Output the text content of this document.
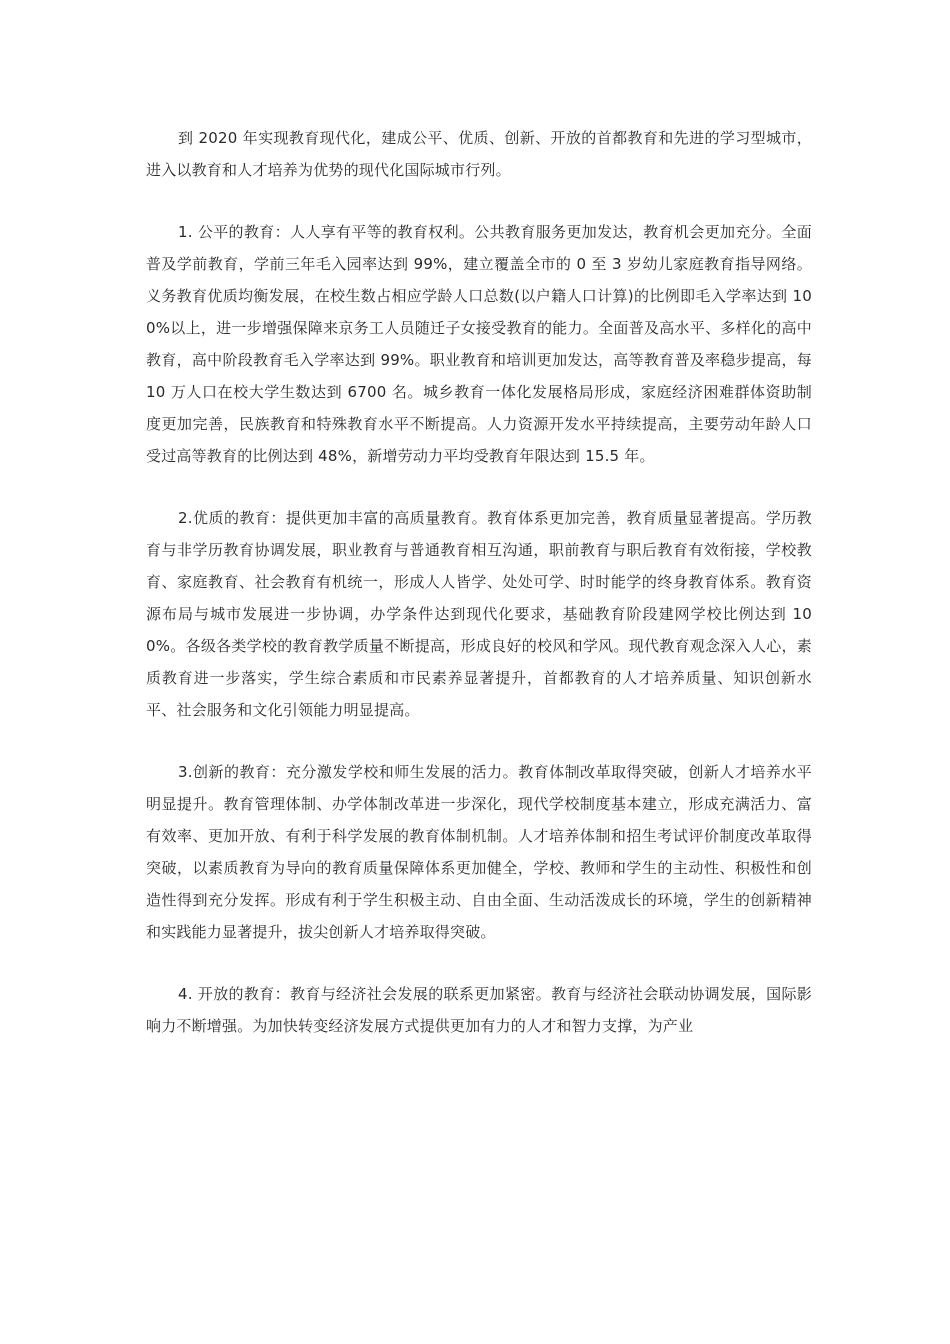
到 2020 年实现教育现代化，建成公平、优质、创新、开放的首都教育和先进的学习型城市，进入以教育和人才培养为优势的现代化国际城市行列。

1. 公平的教育：人人享有平等的教育权利。公共教育服务更加发达，教育机会更加充分。全面普及学前教育，学前三年毛入园率达到 99%，建立覆盖全市的 0 至 3 岁幼儿家庭教育指导网络。义务教育优质均衡发展，在校生数占相应学龄人口总数(以户籍人口计算)的比例即毛入学率达到 100%以上，进一步增强保障来京务工人员随迁子女接受教育的能力。全面普及高水平、多样化的高中教育，高中阶段教育毛入学率达到 99%。职业教育和培训更加发达，高等教育普及率稳步提高，每 10 万人口在校大学生数达到 6700 名。城乡教育一体化发展格局形成，家庭经济困难群体资助制度更加完善，民族教育和特殊教育水平不断提高。人力资源开发水平持续提高，主要劳动年龄人口受过高等教育的比例达到 48%，新增劳动力平均受教育年限达到 15.5 年。

2.优质的教育：提供更加丰富的高质量教育。教育体系更加完善，教育质量显著提高。学历教育与非学历教育协调发展，职业教育与普通教育相互沟通，职前教育与职后教育有效衔接，学校教育、家庭教育、社会教育有机统一，形成人人皆学、处处可学、时时能学的终身教育体系。教育资源布局与城市发展进一步协调，办学条件达到现代化要求，基础教育阶段建网学校比例达到 100%。各级各类学校的教育教学质量不断提高，形成良好的校风和学风。现代教育观念深入人心，素质教育进一步落实，学生综合素质和市民素养显著提升，首都教育的人才培养质量、知识创新水平、社会服务和文化引领能力明显提高。

3.创新的教育：充分激发学校和师生发展的活力。教育体制改革取得突破，创新人才培养水平明显提升。教育管理体制、办学体制改革进一步深化，现代学校制度基本建立，形成充满活力、富有效率、更加开放、有利于科学发展的教育体制机制。人才培养体制和招生考试评价制度改革取得突破，以素质教育为导向的教育质量保障体系更加健全，学校、教师和学生的主动性、积极性和创造性得到充分发挥。形成有利于学生积极主动、自由全面、生动活泼成长的环境，学生的创新精神和实践能力显著提升，拔尖创新人才培养取得突破。

4. 开放的教育：教育与经济社会发展的联系更加紧密。教育与经济社会联动协调发展，国际影响力不断增强。为加快转变经济发展方式提供更加有力的人才和智力支撑，为产业
